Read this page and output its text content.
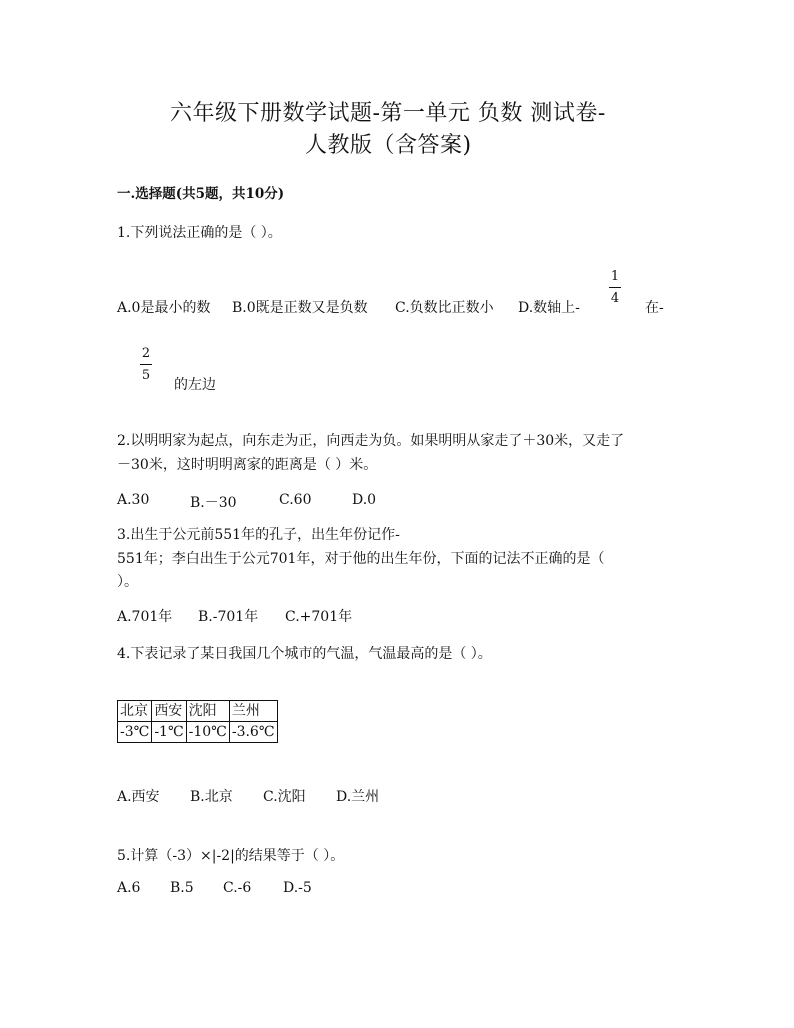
六年级下册数学试题-第一单元 负数 测试卷-
人教版（含答案)
一.选择题(共5题，共10分)
1.下列说法正确的是（ ）。
A.0是最小的数 B.0既是正数又是负数 C.负数比正数小 D.数轴上-
1
4
在-
2
5
的左边
2.以明明家为起点，向东走为正，向西走为负。如果明明从家走了＋30米，又走了
－30米，这时明明离家的距离是（ ）米。
A.30	B.－30	C.60	D.0
3.出生于公元前551年的孔子，出生年份记作-
551年；李白出生于公元701年，对于他的出生年份，下面的记法不正确的是（
）。
A.701年 B.-701年 C.+701年
4.下表记录了某日我国几个城市的气温，气温最高的是（ ）。
北京	西安	沈阳	兰州
-3℃	-1℃	-10℃	-3.6℃
A.西安 B.北京 C.沈阳 D.兰州
5.计算（-3）×|-2|的结果等于（ ）。
A.6 B.5 C.-6 D.-5
